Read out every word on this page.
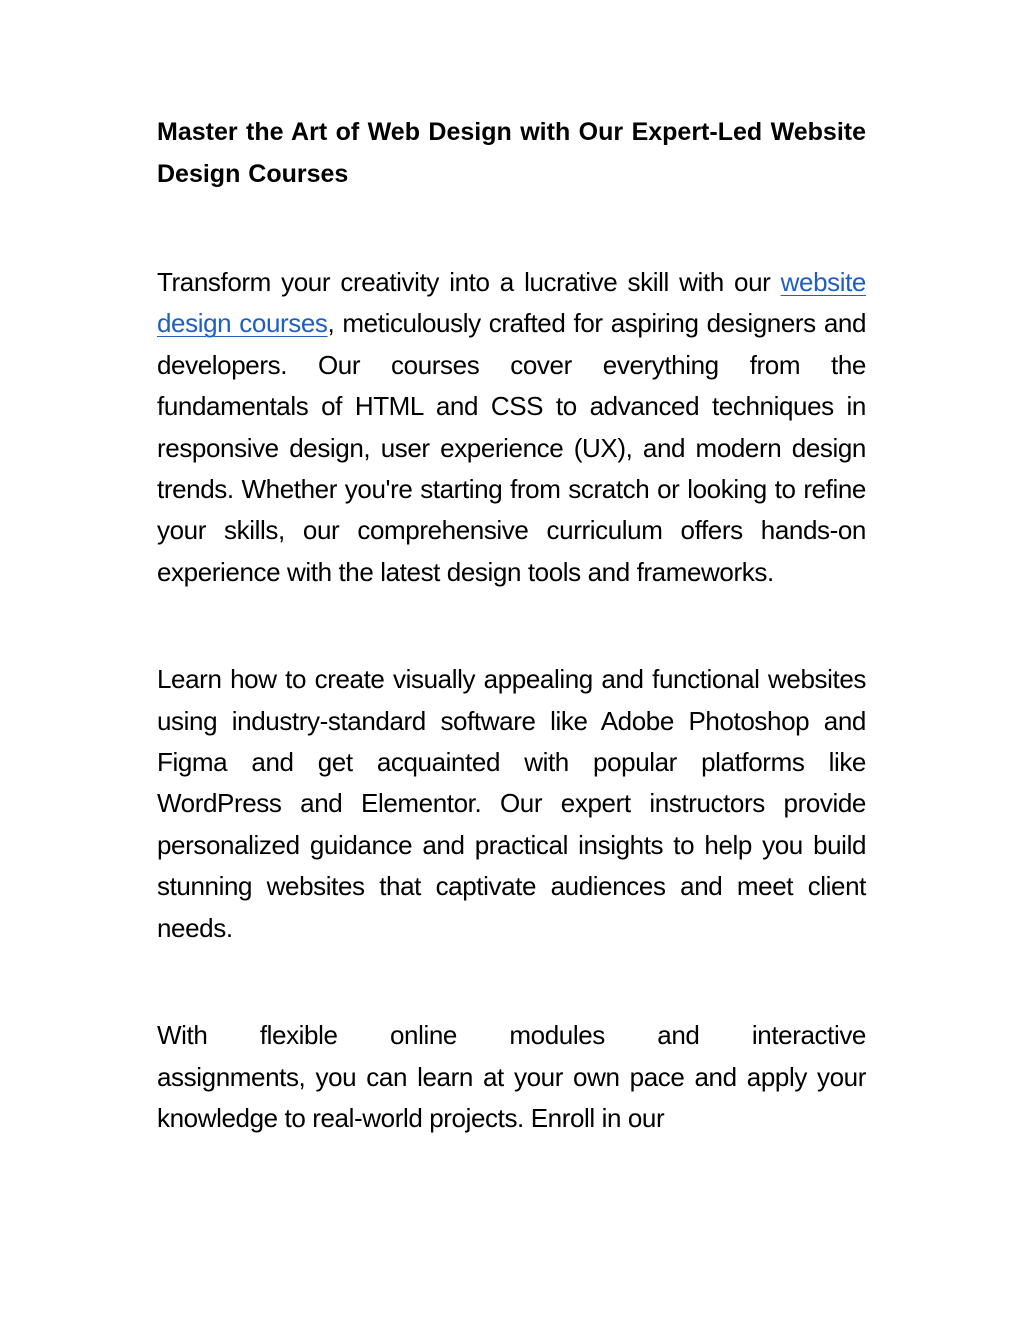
Master the Art of Web Design with Our Expert-Led Website Design Courses

Transform your creativity into a lucrative skill with our website design courses, meticulously crafted for aspiring designers and developers. Our courses cover everything from the fundamentals of HTML and CSS to advanced techniques in responsive design, user experience (UX), and modern design trends. Whether you're starting from scratch or looking to refine your skills, our comprehensive curriculum offers hands-on experience with the latest design tools and frameworks.

Learn how to create visually appealing and functional websites using industry-standard software like Adobe Photoshop and Figma and get acquainted with popular platforms like WordPress and Elementor. Our expert instructors provide personalized guidance and practical insights to help you build stunning websites that captivate audiences and meet client needs.

With flexible online modules and interactive
assignments, you can learn at your own pace and apply your knowledge to real-world projects. Enroll in our
